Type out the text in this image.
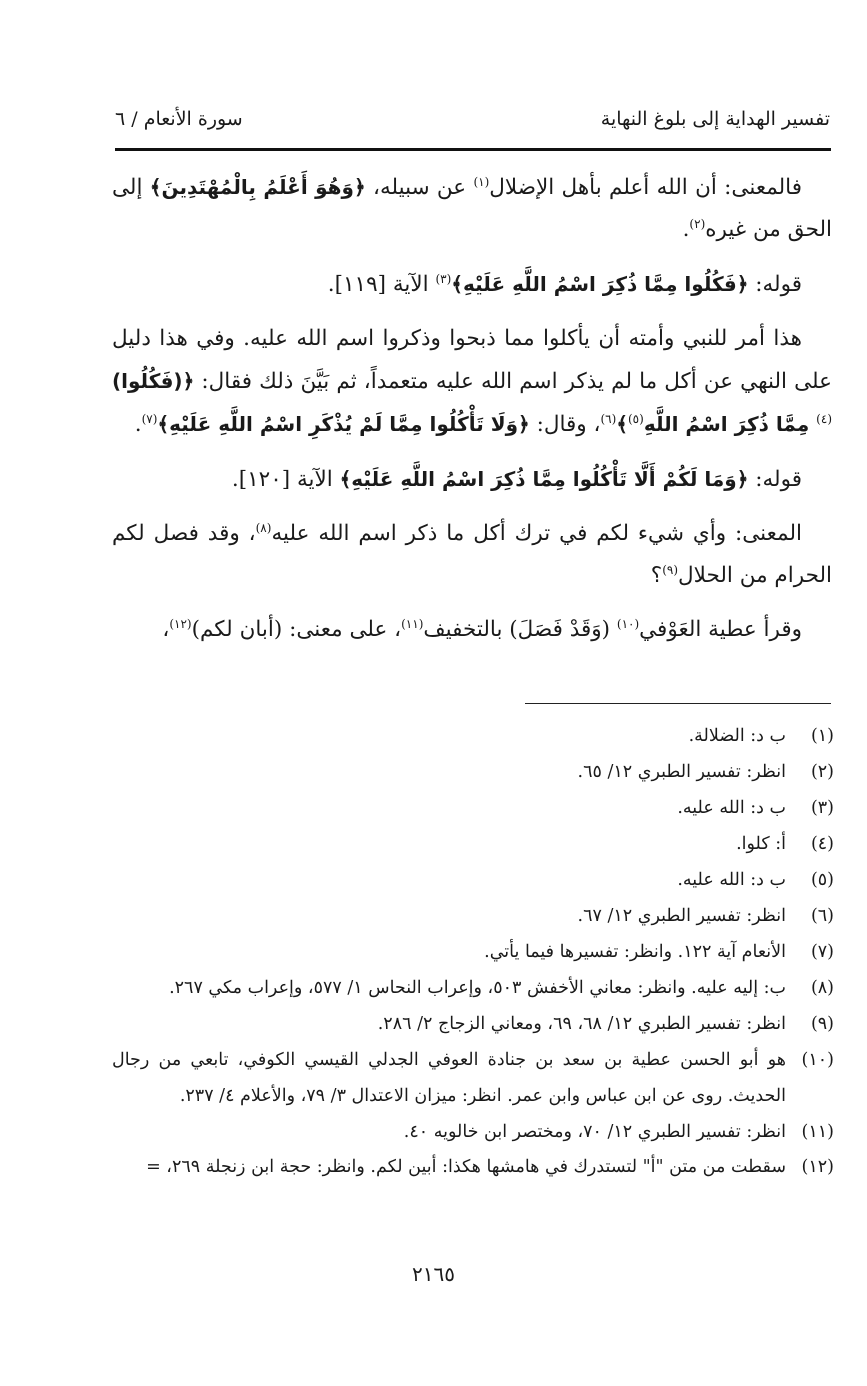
تفسير الهداية إلى بلوغ النهاية
سورة الأنعام / ٦

فالمعنى: أن الله أعلم بأهل الإضلال$^{(١)}$ عن سبيله، ﴿وَهُوَ أَعْلَمُ بِالْمُهْتَدِينَ﴾ إلى الحق من غيره$^{(٢)}$.

قوله: ﴿فَكُلُوا مِمَّا ذُكِرَ اسْمُ اللَّهِ عَلَيْهِ﴾$^{(٣)}$ الآية [١١٩].

هذا أمر للنبي وأمته أن يأكلوا مما ذبحوا وذكروا اسم الله عليه. وفي هذا دليل على النهي عن أكل ما لم يذكر اسم الله عليه متعمداً، ثم بَيَّنَ ذلك فقال: ﴿(فَكُلُوا)$^{(٤)}$ مِمَّا ذُكِرَ اسْمُ اللَّهِ$^{(٥)}$﴾$^{(٦)}$، وقال: ﴿وَلَا تَأْكُلُوا مِمَّا لَمْ يُذْكَرِ اسْمُ اللَّهِ عَلَيْهِ﴾$^{(٧)}$.

قوله: ﴿وَمَا لَكُمْ أَلَّا تَأْكُلُوا مِمَّا ذُكِرَ اسْمُ اللَّهِ عَلَيْهِ﴾ الآية [١٢٠].

المعنى: وأي شيء لكم في ترك أكل ما ذكر اسم الله عليه$^{(٨)}$، وقد فصل لكم الحرام من الحلال$^{(٩)}$؟

وقرأ عطية العَوْفي$^{(١٠)}$ (وَقَدْ فَصَلَ) بالتخفيف$^{(١١)}$، على معنى: (أبان لكم)$^{(١٢)}$،

(١)
ب د: الضلالة.
(٢)
انظر: تفسير الطبري ١٢/ ٦٥.
(٣)
ب د: الله عليه.
(٤)
أ: كلوا.
(٥)
ب د: الله عليه.
(٦)
انظر: تفسير الطبري ١٢/ ٦٧.
(٧)
الأنعام آية ١٢٢. وانظر: تفسيرها فيما يأتي.
(٨)
ب: إليه عليه. وانظر: معاني الأخفش ٥٠٣، وإعراب النحاس ١/ ٥٧٧، وإعراب مكي ٢٦٧.
(٩)
انظر: تفسير الطبري ١٢/ ٦٨، ٦٩، ومعاني الزجاج ٢/ ٢٨٦.
(١٠)
هو أبو الحسن عطية بن سعد بن جنادة العوفي الجدلي القيسي الكوفي، تابعي من رجال الحديث. روى عن ابن عباس وابن عمر. انظر: ميزان الاعتدال ٣/ ٧٩، والأعلام ٤/ ٢٣٧.
(١١)
انظر: تفسير الطبري ١٢/ ٧٠، ومختصر ابن خالويه ٤٠.
(١٢)
سقطت من متن "أ" لتستدرك في هامشها هكذا: أبين لكم. وانظر: حجة ابن زنجلة ٢٦٩، =
٢١٦٥
